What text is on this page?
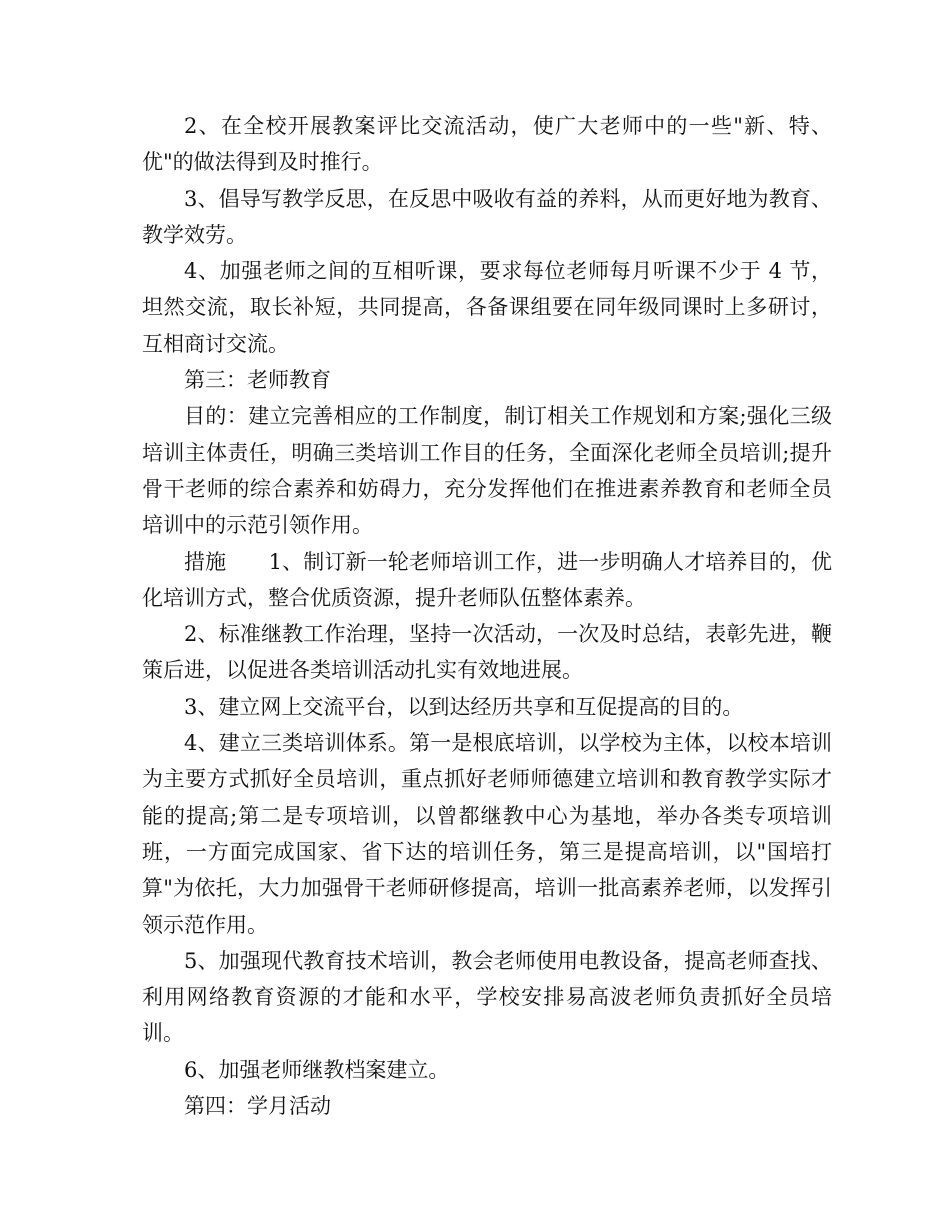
2、在全校开展教案评比交流活动，使广大老师中的一些"新、特、优"的做法得到及时推行。

3、倡导写教学反思，在反思中吸收有益的养料，从而更好地为教育、教学效劳。

4、加强老师之间的互相听课，要求每位老师每月听课不少于 4 节，坦然交流，取长补短，共同提高，各备课组要在同年级同课时上多研讨，互相商讨交流。

第三：老师教育

目的：建立完善相应的工作制度，制订相关工作规划和方案;强化三级培训主体责任，明确三类培训工作目的任务，全面深化老师全员培训;提升骨干老师的综合素养和妨碍力，充分发挥他们在推进素养教育和老师全员培训中的示范引领作用。

措施　　1、制订新一轮老师培训工作，进一步明确人才培养目的，优化培训方式，整合优质资源，提升老师队伍整体素养。

2、标准继教工作治理，坚持一次活动，一次及时总结，表彰先进，鞭策后进，以促进各类培训活动扎实有效地进展。

3、建立网上交流平台，以到达经历共享和互促提高的目的。

4、建立三类培训体系。第一是根底培训，以学校为主体，以校本培训为主要方式抓好全员培训，重点抓好老师师德建立培训和教育教学实际才能的提高;第二是专项培训，以曾都继教中心为基地，举办各类专项培训班，一方面完成国家、省下达的培训任务，第三是提高培训，以"国培打算"为依托，大力加强骨干老师研修提高，培训一批高素养老师，以发挥引领示范作用。

5、加强现代教育技术培训，教会老师使用电教设备，提高老师查找、利用网络教育资源的才能和水平，学校安排易高波老师负责抓好全员培训。

6、加强老师继教档案建立。

第四：学月活动
